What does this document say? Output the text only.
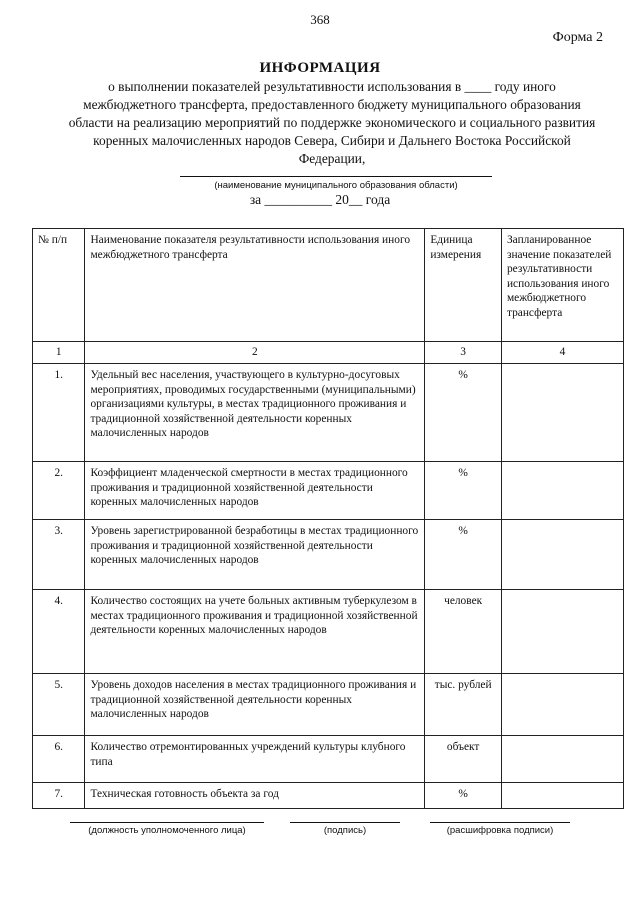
368
Форма 2
ИНФОРМАЦИЯ
о выполнении показателей результативности использования в ____ году иного межбюджетного трансферта, предоставленного бюджету муниципального образования области на реализацию мероприятий по поддержке экономического и социального развития коренных малочисленных народов Севера, Сибири и Дальнего Востока Российской Федерации,
(наименование муниципального образования области)
за __________ 20__ года
№ п/п	Наименование показателя результативности использования иного межбюджетного трансферта	Единица измерения	Запланированное значение показателей результативности использования иного межбюджетного трансферта
1	2	3	4
1.	Удельный вес населения, участвующего в культурно-досуговых мероприятиях, проводимых государственными (муниципальными) организациями культуры, в местах традиционного проживания и традиционной хозяйственной деятельности коренных малочисленных народов	%	
2.	Коэффициент младенческой смертности в местах традиционного проживания и традиционной хозяйственной деятельности коренных малочисленных народов	%	
3.	Уровень зарегистрированной безработицы в местах традиционного проживания и традиционной хозяйственной деятельности коренных малочисленных народов	%	
4.	Количество состоящих на учете больных активным туберкулезом в местах традиционного проживания и традиционной хозяйственной деятельности коренных малочисленных народов	человек	
5.	Уровень доходов населения в местах традиционного проживания и традиционной хозяйственной деятельности коренных малочисленных народов	тыс. рублей	
6.	Количество отремонтированных учреждений культуры клубного типа	объект	
7.	Техническая готовность объекта за год	%	
(должность уполномоченного лица)	(подпись)	(расшифровка подписи)
